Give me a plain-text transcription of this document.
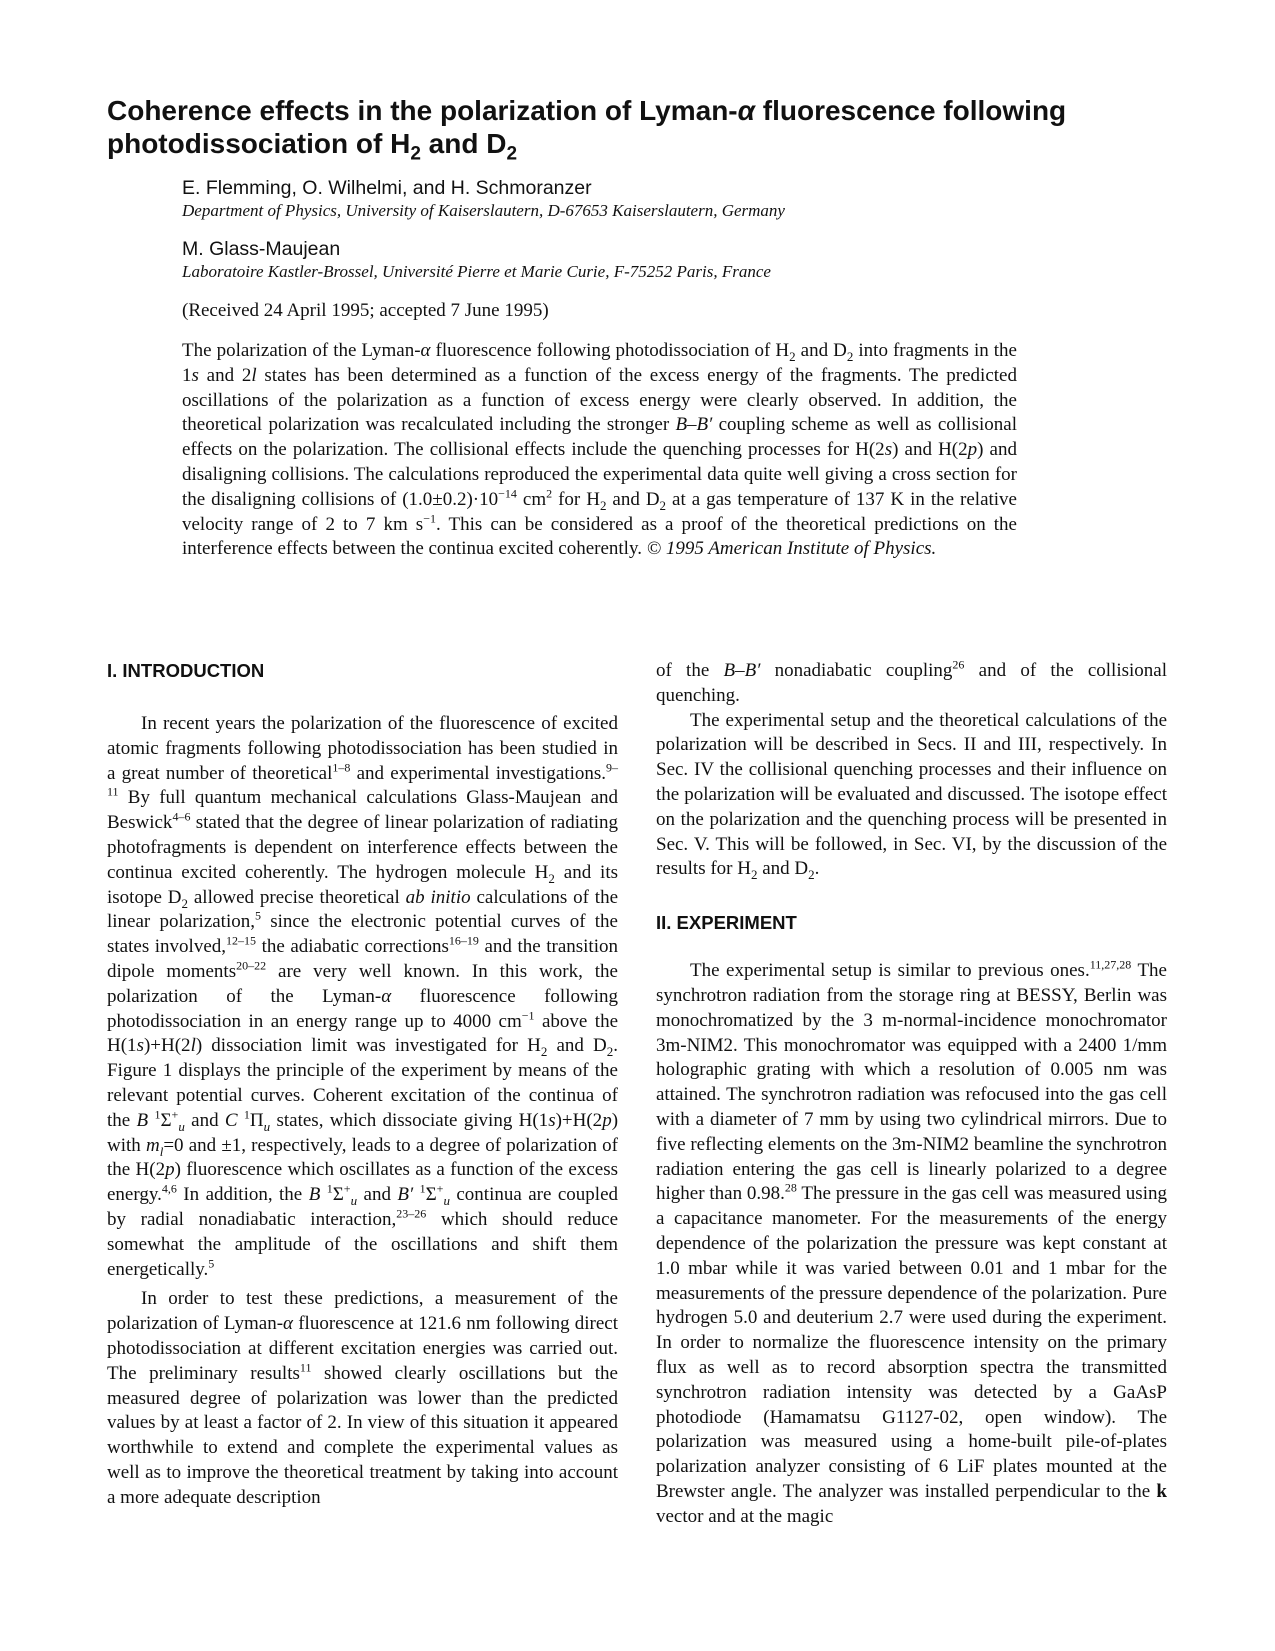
Coherence effects in the polarization of Lyman-α fluorescence following photodissociation of $H_2$ and $D_2$

E. Flemming, O. Wilhelmi, and H. Schmoranzer

Department of Physics, University of Kaiserslautern, D-67653 Kaiserslautern, Germany

M. Glass-Maujean

Laboratoire Kastler-Brossel, Université Pierre et Marie Curie, F-75252 Paris, France

(Received 24 April 1995; accepted 7 June 1995)

The polarization of the Lyman-α fluorescence following photodissociation of $H_2$ and $D_2$ into fragments in the 1s and 2l states has been determined as a function of the excess energy of the fragments. The predicted oscillations of the polarization as a function of excess energy were clearly observed. In addition, the theoretical polarization was recalculated including the stronger B–B′ coupling scheme as well as collisional effects on the polarization. The collisional effects include the quenching processes for H(2s) and H(2p) and disaligning collisions. The calculations reproduced the experimental data quite well giving a cross section for the disaligning collisions of $(1.0\pm 0.2)\cdot 10^{-14}$ $cm^2$ for $H_2$ and $D_2$ at a gas temperature of 137 K in the relative velocity range of 2 to 7 km $s^{-1}$. This can be considered as a proof of the theoretical predictions on the interference effects between the continua excited coherently. © 1995 American Institute of Physics.

I. INTRODUCTION

In recent years the polarization of the fluorescence of excited atomic fragments following photodissociation has been studied in a great number of theoretical$^{1-8}$ and experimental investigations.$^{9-11}$ By full quantum mechanical calculations Glass-Maujean and Beswick$^{4-6}$ stated that the degree of linear polarization of radiating photofragments is dependent on interference effects between the continua excited coherently. The hydrogen molecule $H_2$ and its isotope $D_2$ allowed precise theoretical ab initio calculations of the linear polarization,$^5$ since the electronic potential curves of the states involved,$^{12-15}$ the adiabatic corrections$^{16-19}$ and the transition dipole moments$^{20-22}$ are very well known. In this work, the polarization of the Lyman-α fluorescence following photodissociation in an energy range up to 4000 $cm^{-1}$ above the H(1s)+H(2l) dissociation limit was investigated for $H_2$ and $D_2$. Figure 1 displays the principle of the experiment by means of the relevant potential curves. Coherent excitation of the continua of the B $^1\Sigma^+_u$ and C $^1\Pi_u$ states, which dissociate giving H(1s)+H(2p) with $m_l=0$ and ±1, respectively, leads to a degree of polarization of the H(2p) fluorescence which oscillates as a function of the excess energy.$^{4,6}$ In addition, the B $^1\Sigma^+_u$ and B′ $^1\Sigma^+_u$ continua are coupled by radial nonadiabatic interaction,$^{23-26}$ which should reduce somewhat the amplitude of the oscillations and shift them energetically.$^5$

In order to test these predictions, a measurement of the polarization of Lyman-α fluorescence at 121.6 nm following direct photodissociation at different excitation energies was carried out. The preliminary results$^{11}$ showed clearly oscillations but the measured degree of polarization was lower than the predicted values by at least a factor of 2. In view of this situation it appeared worthwhile to extend and complete the experimental values as well as to improve the theoretical treatment by taking into account a more adequate description

of the B–B′ nonadiabatic coupling$^{26}$ and of the collisional quenching.

The experimental setup and the theoretical calculations of the polarization will be described in Secs. II and III, respectively. In Sec. IV the collisional quenching processes and their influence on the polarization will be evaluated and discussed. The isotope effect on the polarization and the quenching process will be presented in Sec. V. This will be followed, in Sec. VI, by the discussion of the results for $H_2$ and $D_2$.

II. EXPERIMENT

The experimental setup is similar to previous ones.$^{11,27,28}$ The synchrotron radiation from the storage ring at BESSY, Berlin was monochromatized by the 3 m-normal-incidence monochromator 3m-NIM2. This monochromator was equipped with a 2400 1/mm holographic grating with which a resolution of 0.005 nm was attained. The synchrotron radiation was refocused into the gas cell with a diameter of 7 mm by using two cylindrical mirrors. Due to five reflecting elements on the 3m-NIM2 beamline the synchrotron radiation entering the gas cell is linearly polarized to a degree higher than 0.98.28 The pressure in the gas cell was measured using a capacitance manometer. For the measurements of the energy dependence of the polarization the pressure was kept constant at 1.0 mbar while it was varied between 0.01 and 1 mbar for the measurements of the pressure dependence of the polarization. Pure hydrogen 5.0 and deuterium 2.7 were used during the experiment. In order to normalize the fluorescence intensity on the primary flux as well as to record absorption spectra the transmitted synchrotron radiation intensity was detected by a GaAsP photodiode (Hamamatsu G1127-02, open window). The polarization was measured using a home-built pile-of-plates polarization analyzer consisting of 6 LiF plates mounted at the Brewster angle. The analyzer was installed perpendicular to the k vector and at the magic
